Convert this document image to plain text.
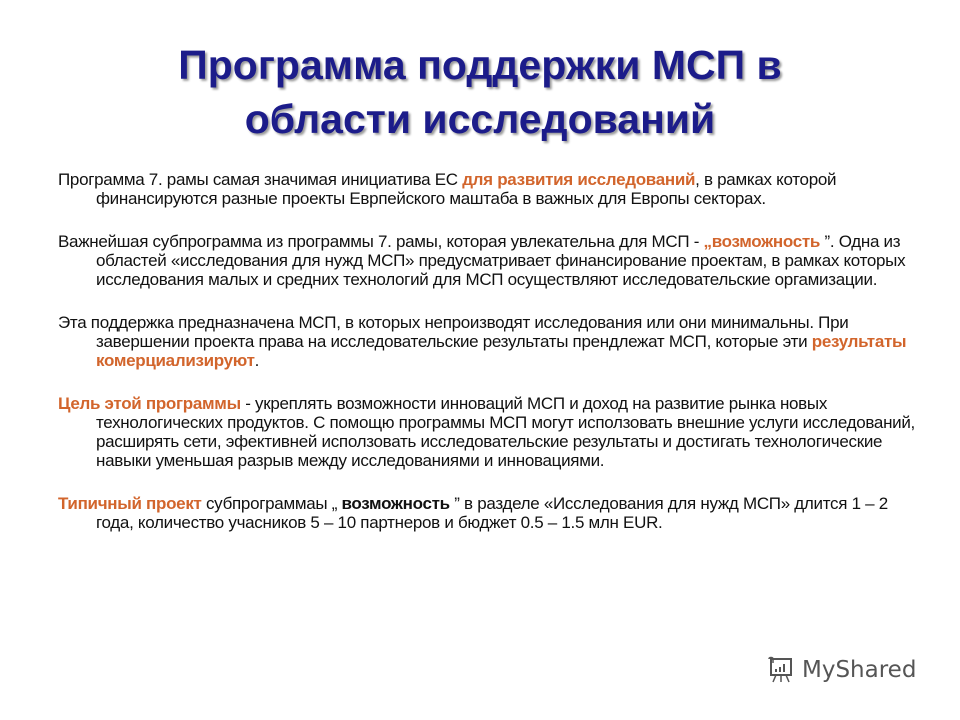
Программа поддержки МСП в
области исследований
Программа 7. рамы самая значимая инициатива ЕС для развития исследований, в рамках которой финансируются разные проекты Еврпейского маштаба в важных для Европы секторах.
Важнейшая субпрограмма из программы 7. рамы, которая увлекательна для МСП - „возможность ”. Одна из областей «исследования для нужд МСП» предусматривает финансирование проектам, в рамках которых исследования малых и средних технологий для МСП осуществляют исследовательские оргамизации.
Эта поддержка предназначена МСП, в которых непроизводят исследования или они минимальны. При завершении проекта права на исследовательские результаты прендлежат МСП, которые эти результаты комерциализируют.
Цель этой программы - укреплять возможности инноваций МСП и доход на развитие рынка новых технологических продуктов. С помощю программы МСП могут исползовать внешние услуги исследований, расширять сети, эфективней исползовать исследовательские результаты и достигать технологические навыки уменьшая разрыв между исследованиями и инновациями.
Типичный проект субпрограммаы „ возможность ” в разделе «Исследования для нужд МСП» длится 1 – 2 года, количество учасников 5 – 10 партнеров и бюджет 0.5 – 1.5 млн EUR.
MyShared
